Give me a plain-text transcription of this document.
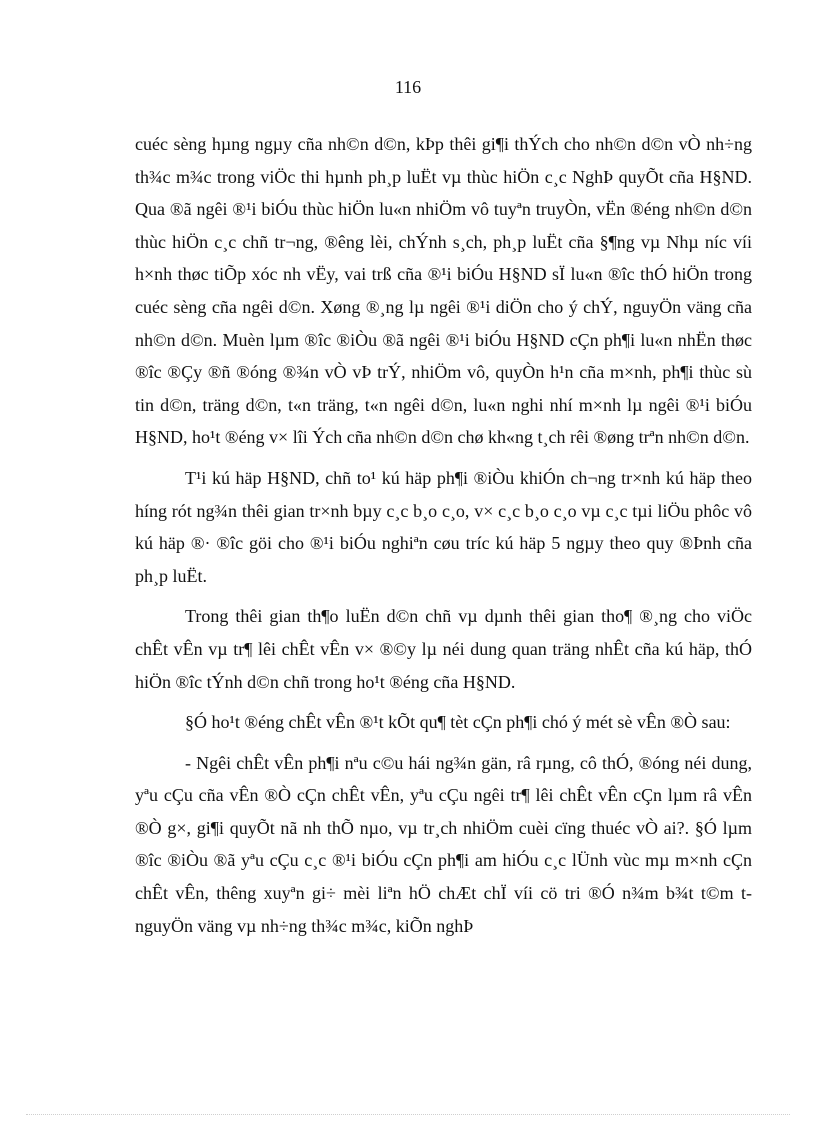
116

cuéc sèng hµng ngµy cña nh©n d©n, kÞp thêi gi¶i thÝch cho nh©n d©n vÒ nh÷ng th¾c m¾c trong viÖc thi hµnh ph¸p luËt vµ thùc hiÖn c¸c NghÞ quyÕt cña H§ND. Qua ®ã ngêi ®¹i biÓu thùc hiÖn lu«n nhiÖm vô tuyªn truyÒn, vËn ®éng nh©n d©n thùc hiÖn c¸c chñ tr¬ng, ®êng lèi, chÝnh s¸ch, ph¸p luËt cña §¶ng vµ Nhµ níc víi h×nh thøc tiÕp xóc nh vËy, vai trß cña ®¹i biÓu H§ND sÏ lu«n ®îc thÓ hiÖn trong cuéc sèng cña ngêi d©n. Xøng ®¸ng lµ ngêi ®¹i diÖn cho ý chÝ, nguyÖn väng cña nh©n d©n. Muèn lµm ®îc ®iÒu ®ã ngêi ®¹i biÓu H§ND cÇn ph¶i lu«n nhËn thøc ®îc ®Çy ®ñ ®óng ®¾n vÒ vÞ trÝ, nhiÖm vô, quyÒn h¹n cña m×nh, ph¶i thùc sù tin d©n, träng d©n, t«n träng, t«n ngêi d©n, lu«n nghi nhí m×nh lµ ngêi ®¹i biÓu H§ND, ho¹t ®éng v× lîi Ých cña nh©n d©n chø kh«ng t¸ch rêi ®øng trªn nh©n d©n.

T¹i kú häp H§ND, chñ to¹ kú häp ph¶i ®iÒu khiÓn ch¬ng tr×nh kú häp theo híng rót ng¾n thêi gian tr×nh bµy c¸c b¸o c¸o, v× c¸c b¸o c¸o vµ c¸c tµi liÖu phôc vô kú häp ®· ®îc göi cho ®¹i biÓu nghiªn cøu tríc kú häp 5 ngµy theo quy ®Þnh cña ph¸p luËt.

Trong thêi gian th¶o luËn d©n chñ vµ dµnh thêi gian tho¶ ®¸ng cho viÖc chÊt vÊn vµ tr¶ lêi chÊt vÊn v× ®©y lµ néi dung quan träng nhÊt cña kú häp, thÓ hiÖn ®îc tÝnh d©n chñ trong ho¹t ®éng cña H§ND.

§Ó ho¹t ®éng chÊt vÊn ®¹t kÕt qu¶ tèt cÇn ph¶i chó ý mét sè vÊn ®Ò sau:

- Ngêi chÊt vÊn ph¶i nªu c©u hái ng¾n gän, râ rµng, cô thÓ, ®óng néi dung, yªu cÇu cña vÊn ®Ò cÇn chÊt vÊn, yªu cÇu ngêi tr¶ lêi chÊt vÊn cÇn lµm râ vÊn ®Ò g×, gi¶i quyÕt nã nh thÕ nµo, vµ tr¸ch nhiÖm cuèi cïng thuéc vÒ ai?. §Ó lµm ®îc ®iÒu ®ã yªu cÇu c¸c ®¹i biÓu cÇn ph¶i am hiÓu c¸c lÜnh vùc mµ m×nh cÇn chÊt vÊn, thêng xuyªn gi÷ mèi liªn hÖ chÆt chÏ víi cö tri ®Ó n¾m b¾t t©m t nguyÖn väng vµ nh÷ng th¾c m¾c, kiÕn nghÞ
